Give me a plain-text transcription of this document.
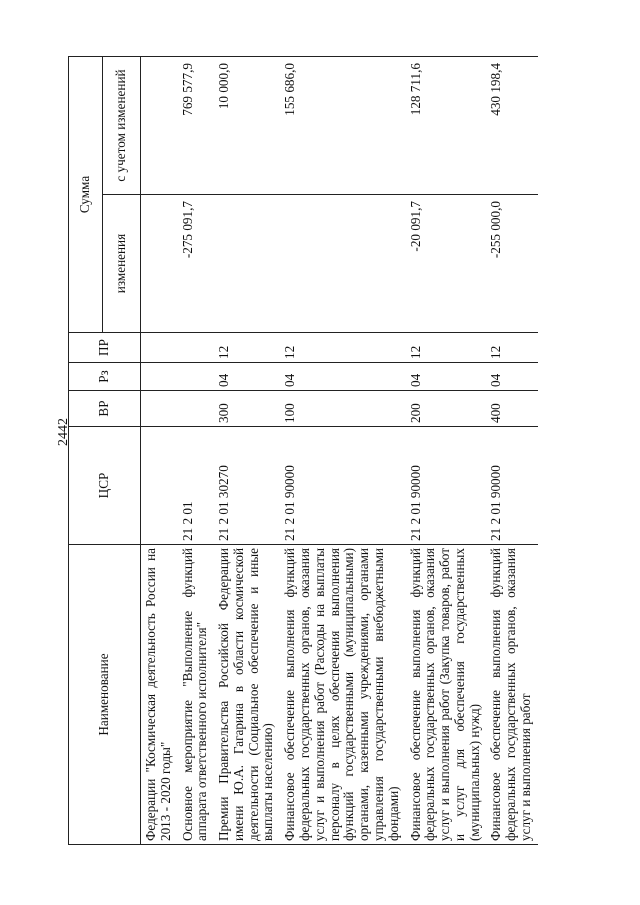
2442
Наименование	ЦСР	ВР	Рз	ПР	Сумма	
					изменения	с учетом изменений
Федерации "Космическая деятельность России на 2013 - 2020 годы"						
Основное мероприятие "Выполнение функций аппарата ответственного исполнителя"	21 2 01				-275 091,7	769 577,9
Премии Правительства Российской Федерации имени Ю.А. Гагарина в области космической деятельности (Социальное обеспечение и иные выплаты населению)	21 2 01 30270	300	04	12		10 000,0
Финансовое обеспечение выполнения функций федеральных государственных органов, оказания услуг и выполнения работ (Расходы на выплаты персоналу в целях обеспечения выполнения функций государственными (муниципальными) органами, казенными учреждениями, органами управления государственными внебюджетными фондами)	21 2 01 90000	100	04	12		155 686,0
Финансовое обеспечение выполнения функций федеральных государственных органов, оказания услуг и выполнения работ (Закупка товаров, работ и услуг для обеспечения государственных (муниципальных) нужд)	21 2 01 90000	200	04	12	-20 091,7	128 711,6
Финансовое обеспечение выполнения функций федеральных государственных органов, оказания услуг и выполнения работ	21 2 01 90000	400	04	12	-255 000,0	430 198,4
